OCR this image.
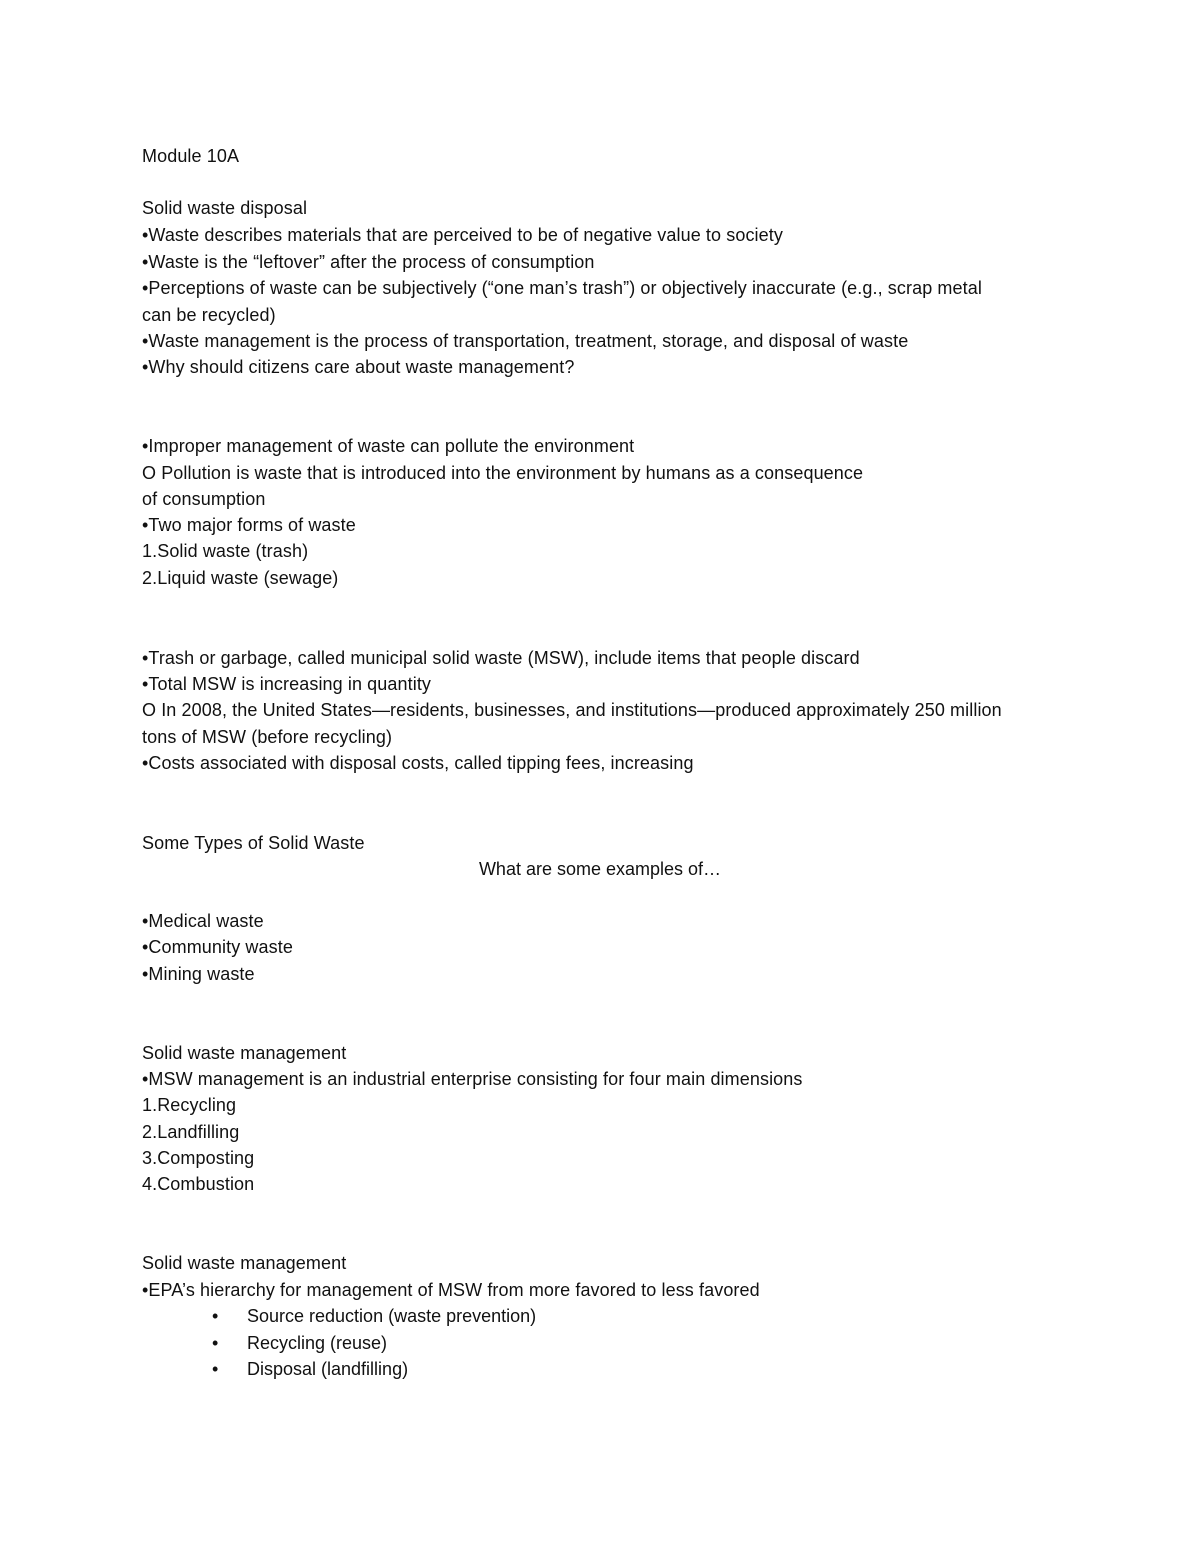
Module 10A
Solid waste disposal
•Waste describes materials that are perceived to be of negative value to society
•Waste is the “leftover” after the process of consumption
•Perceptions of waste can be subjectively (“one man’s trash”) or objectively inaccurate (e.g., scrap metal
can be recycled)
•Waste management is the process of transportation, treatment, storage, and disposal of waste
•Why should citizens care about waste management?
•Improper management of waste can pollute the environment
O Pollution is waste that is introduced into the environment by humans as a consequence
of consumption
•Two major forms of waste
1.Solid waste (trash)
2.Liquid waste (sewage)
•Trash or garbage, called municipal solid waste (MSW), include items that people discard
•Total MSW is increasing in quantity
O In 2008, the United States—residents, businesses, and institutions—produced approximately 250 million
tons of MSW (before recycling)
•Costs associated with disposal costs, called tipping fees, increasing
Some Types of Solid Waste
What are some examples of…
•Medical waste
•Community waste
•Mining waste
Solid waste management
•MSW management is an industrial enterprise consisting for four main dimensions
1.Recycling
2.Landfilling
3.Composting
4.Combustion
Solid waste management
•EPA’s hierarchy for management of MSW from more favored to less favored
• Source reduction (waste prevention)
• Recycling (reuse)
• Disposal (landfilling)
